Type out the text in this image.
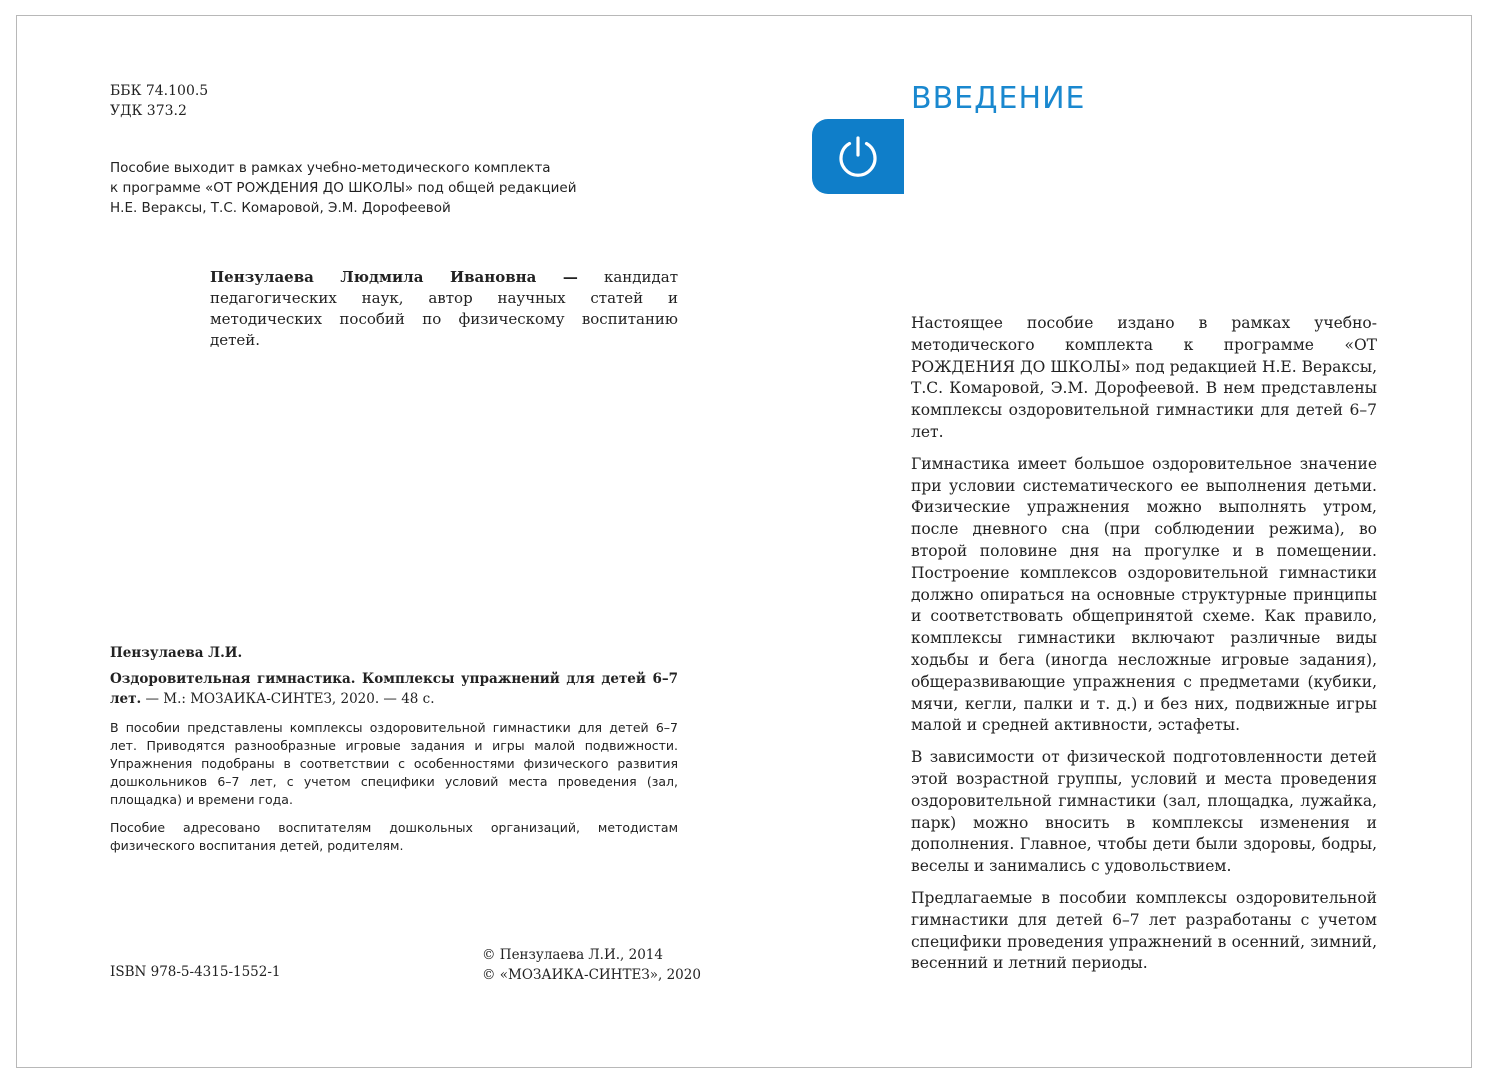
ББК 74.100.5
УДК 373.2
Пособие выходит в рамках учебно-методического комплекта
к программе «ОТ РОЖДЕНИЯ ДО ШКОЛЫ» под общей редакцией
Н.Е. Вераксы, Т.С. Комаровой, Э.М. Дорофеевой
Пензулаева Людмила Ивановна — кандидат педагогических наук, автор научных статей и методических пособий по физическому воспитанию детей.
Пензулаева Л.И.
Оздоровительная гимнастика. Комплексы упражнений для детей 6–7 лет. — М.: МОЗАИКА-СИНТЕЗ, 2020. — 48 с.
В пособии представлены комплексы оздоровительной гимнастики для детей 6–7 лет. Приводятся разнообразные игровые задания и игры малой подвижности. Упражнения подобраны в соответствии с особенностями физического развития дошкольников 6–7 лет, с учетом специфики условий места проведения (зал, площадка) и времени года.
Пособие адресовано воспитателям дошкольных организаций, методистам физического воспитания детей, родителям.
ISBN 978-5-4315-1552-1
© Пензулаева Л.И., 2014
© «МОЗАИКА-СИНТЕЗ», 2020
ВВЕДЕНИЕ

Настоящее пособие издано в рамках учебно-методического комплекта к программе «ОТ РОЖДЕНИЯ ДО ШКОЛЫ» под редакцией Н.Е. Вераксы, Т.С. Комаровой, Э.М. Дорофеевой. В нем представлены комплексы оздоровительной гимнастики для детей 6–7 лет.

Гимнастика имеет большое оздоровительное значение при условии систематического ее выполнения детьми. Физические упражнения можно выполнять утром, после дневного сна (при соблюдении режима), во второй половине дня на прогулке и в помещении. Построение комплексов оздоровительной гимнастики должно опираться на основные структурные принципы и соответствовать общепринятой схеме. Как правило, комплексы гимнастики включают различные виды ходьбы и бега (иногда несложные игровые задания), общеразвивающие упражнения с предметами (кубики, мячи, кегли, палки и т. д.) и без них, подвижные игры малой и средней активности, эстафеты.

В зависимости от физической подготовленности детей этой возрастной группы, условий и места проведения оздоровительной гимнастики (зал, площадка, лужайка, парк) можно вносить в комплексы изменения и дополнения. Главное, чтобы дети были здоровы, бодры, веселы и занимались с удовольствием.

Предлагаемые в пособии комплексы оздоровительной гимнастики для детей 6–7 лет разработаны с учетом специфики проведения упражнений в осенний, зимний, весенний и летний периоды.
